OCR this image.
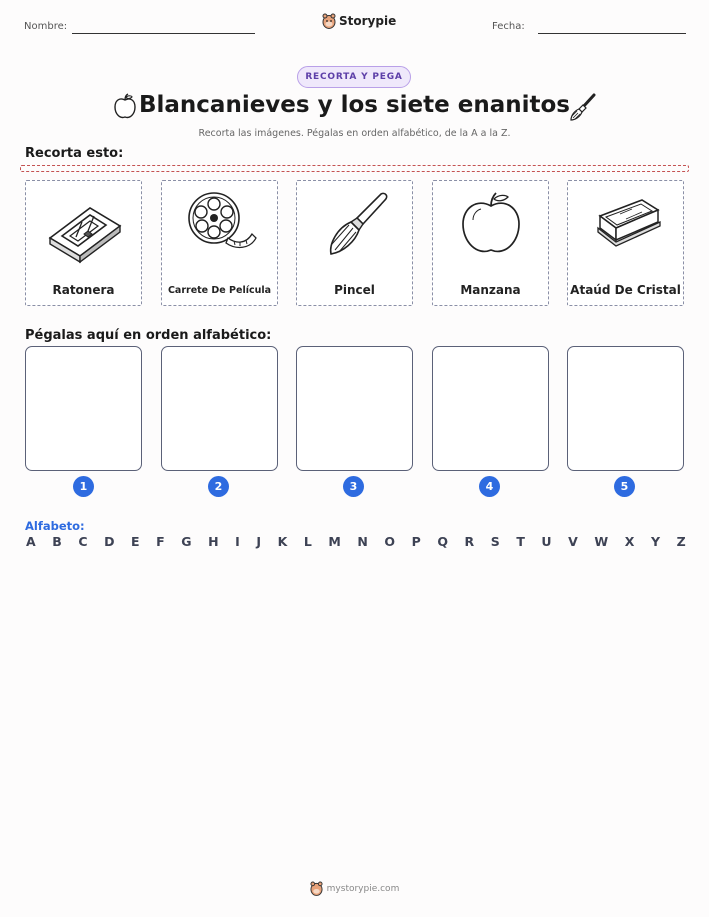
Nombre:	Storypie	Fecha:
RECORTA Y PEGA
Blancanieves y los siete enanitos
Recorta las imágenes. Pégalas en orden alfabético, de la A a la Z.
Recorta esto:
Ratonera	Carrete De Película	Pincel	Manzana	Ataúd De Cristal
Pégalas aquí en orden alfabético:
1	2	3	4	5
Alfabeto:
A B C D E F G H I J K L M N O P Q R S T U V W X Y Z
mystorypie.com
